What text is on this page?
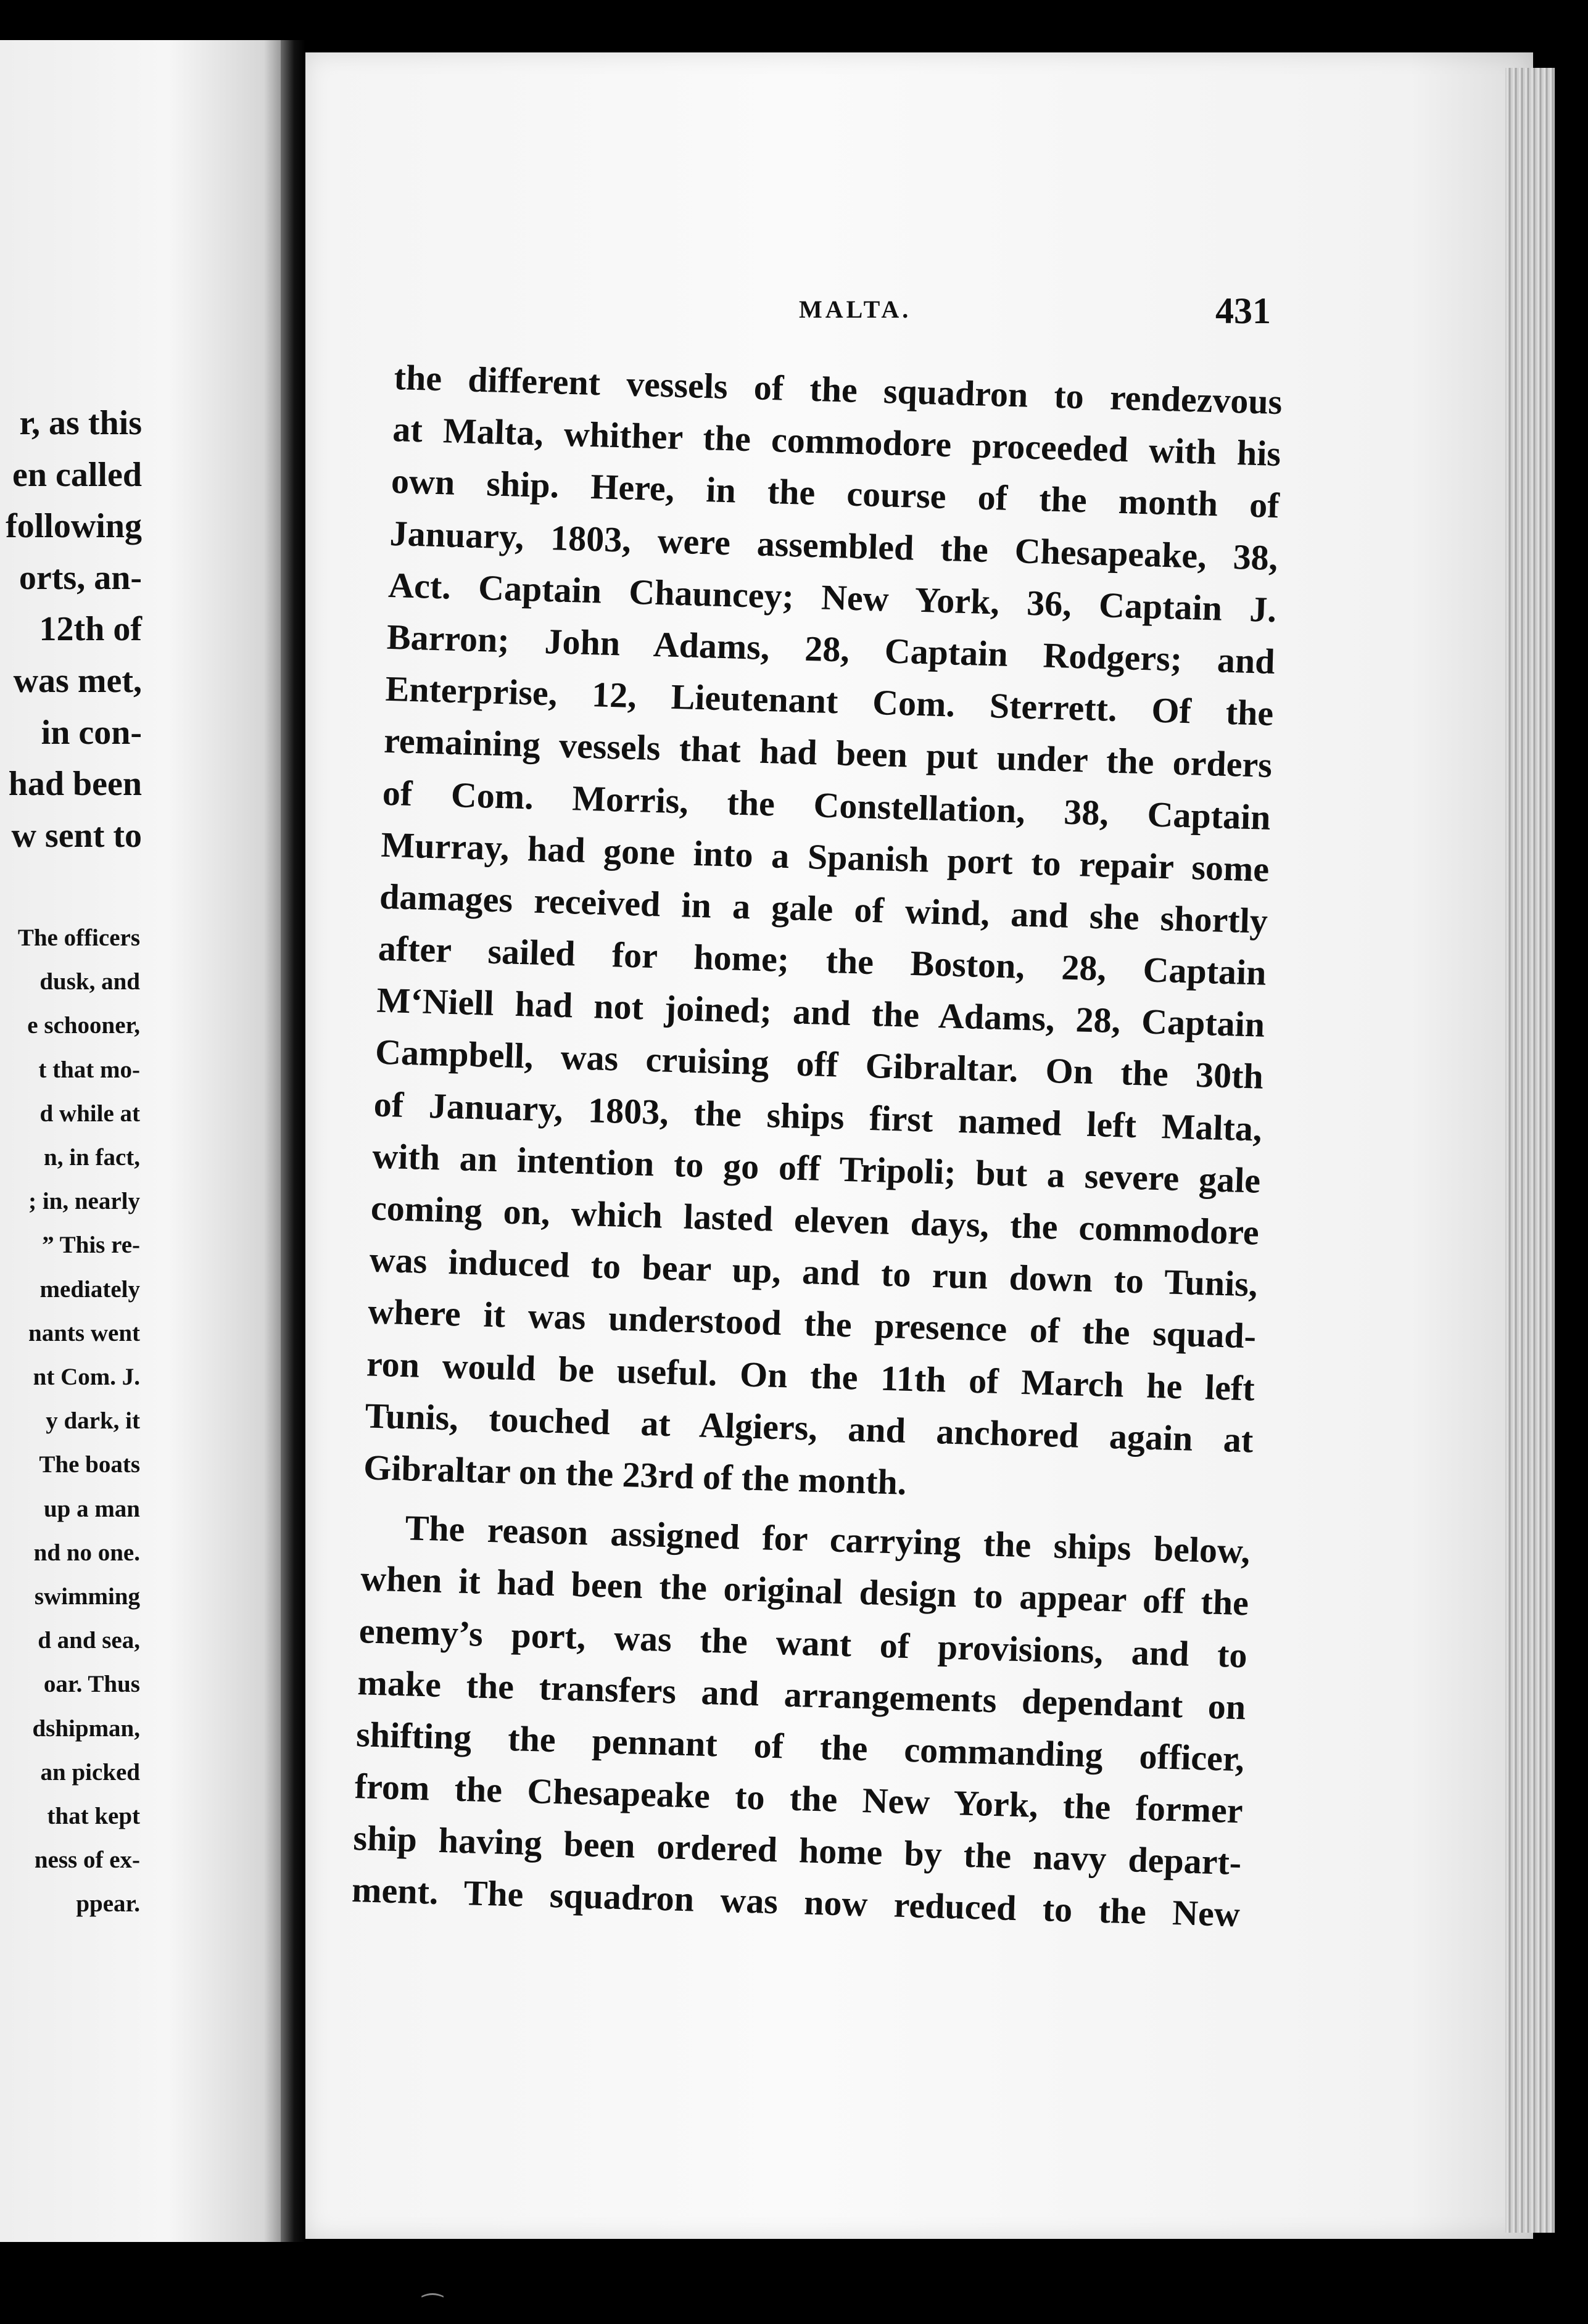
r, as this
en called
following
orts, an-
12th of
was met,
in con-
had been
w sent to
The officers
dusk, and
e schooner,
t that mo-
d while at
n, in fact,
; in, nearly
” This re-
mediately
nants went
nt Com. J.
y dark, it
The boats
up a man
nd no one.
swimming
d and sea,
oar. Thus
dshipman,
an picked
that kept
ness of ex-
ppear.
MALTA.	431
the different vessels of the squadron to rendezvous
at Malta, whither the commodore proceeded with his
own ship. Here, in the course of the month of
January, 1803, were assembled the Chesapeake, 38,
Act. Captain Chauncey; New York, 36, Captain J.
Barron; John Adams, 28, Captain Rodgers; and
Enterprise, 12, Lieutenant Com. Sterrett. Of the
remaining vessels that had been put under the orders
of Com. Morris, the Constellation, 38, Captain
Murray, had gone into a Spanish port to repair some
damages received in a gale of wind, and she shortly
after sailed for home; the Boston, 28, Captain
M‘Niell had not joined; and the Adams, 28, Captain
Campbell, was cruising off Gibraltar. On the 30th
of January, 1803, the ships first named left Malta,
with an intention to go off Tripoli; but a severe gale
coming on, which lasted eleven days, the commodore
was induced to bear up, and to run down to Tunis,
where it was understood the presence of the squad-
ron would be useful. On the 11th of March he left
Tunis, touched at Algiers, and anchored again at
Gibraltar on the 23rd of the month.
The reason assigned for carrying the ships below,
when it had been the original design to appear off the
enemy’s port, was the want of provisions, and to
make the transfers and arrangements dependant on
shifting the pennant of the commanding officer,
from the Chesapeake to the New York, the former
ship having been ordered home by the navy depart-
ment. The squadron was now reduced to the New
⁀
